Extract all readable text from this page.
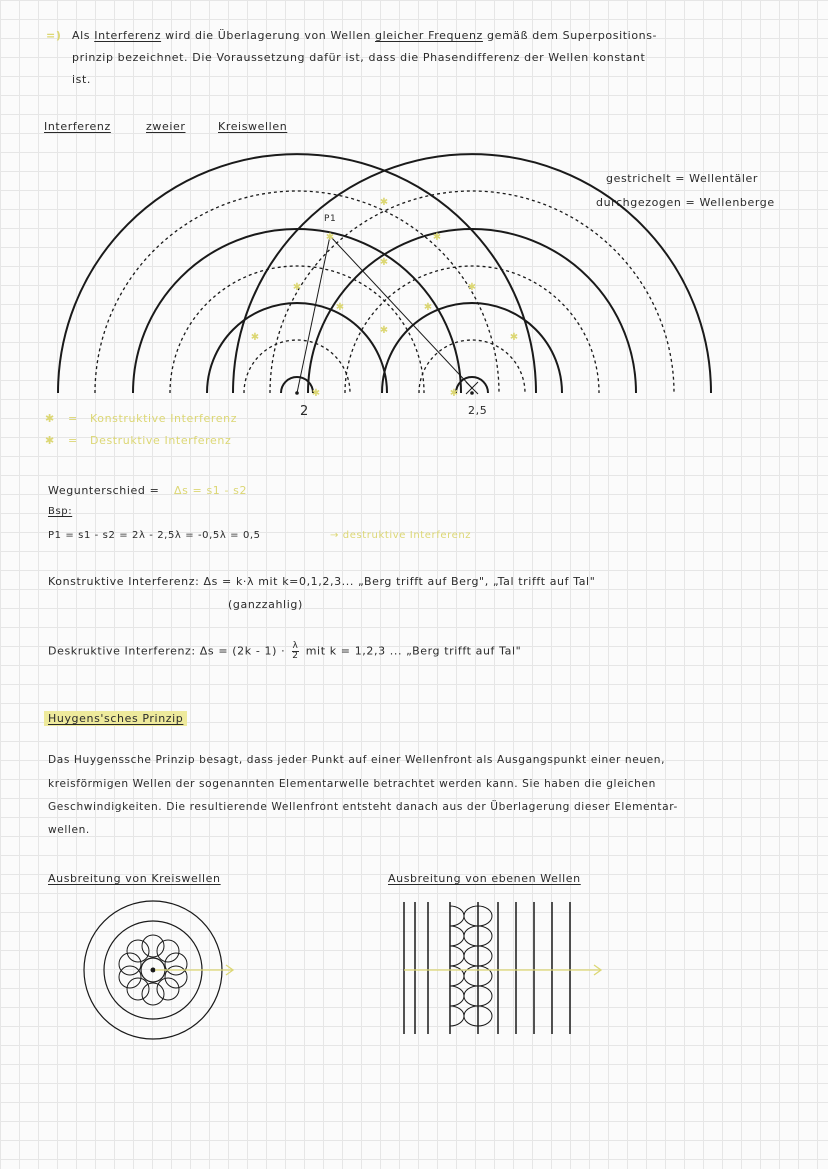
=) Als Interferenz wird die Überlagerung von Wellen gleicher Frequenz gemäß dem Superpositions-
prinzip bezeichnet. Die Voraussetzung dafür ist, dass die Phasendifferenz der Wellen konstant
ist.
Interferenz	zweier	Kreiswellen
gestrichelt = Wellentäler
durchgezogen = Wellenberge
✱
✱
✱
✱
✱
✱	✱
✱	✱
✱	✱
✱	✱
P1
2	2,5
✱ = Konstruktive Interferenz
✱ = Destruktive Interferenz
Wegunterschied = Δs = s1 - s2
Bsp:
P1 = s1 - s2 = 2λ - 2,5λ = -0,5λ = 0,5	→ destruktive Interferenz
Konstruktive Interferenz: Δs = k·λ mit k=0,1,2,3... „Berg trifft auf Berg", „Tal trifft auf Tal"
(ganzzahlig)
Deskruktive Interferenz: $\Delta s = (2k - 1) \cdot \frac{\lambda}{2}$ mit k = 1,2,3 ... „Berg trifft auf Tal"
Huygens'sches Prinzip
Das Huygenssche Prinzip besagt, dass jeder Punkt auf einer Wellenfront als Ausgangspunkt einer neuen,
kreisförmigen Wellen der sogenannten Elementarwelle betrachtet werden kann. Sie haben die gleichen
Geschwindigkeiten. Die resultierende Wellenfront entsteht danach aus der Überlagerung dieser Elementar-
wellen.
Ausbreitung von Kreiswellen	Ausbreitung von ebenen Wellen
